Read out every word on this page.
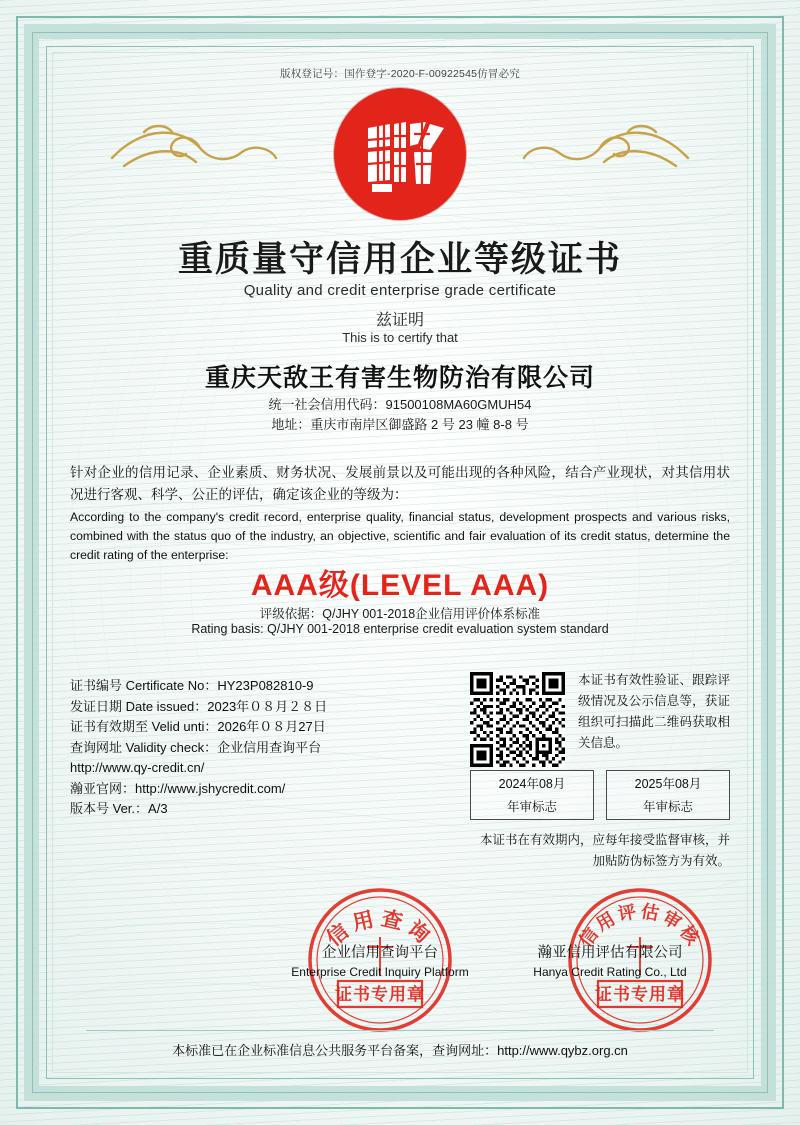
版权登记号：国作登字-2020-F-00922545仿冒必究
重质量守信用企业等级证书
Quality and credit enterprise grade certificate
兹证明
This is to certify that
重庆天敌王有害生物防治有限公司
统一社会信用代码：91500108MA60GMUH54
地址：重庆市南岸区御盛路 2 号 23 幢 8-8 号
针对企业的信用记录、企业素质、财务状况、发展前景以及可能出现的各种风险，结合产业现状，对其信用状况进行客观、科学、公正的评估，确定该企业的等级为：
According to the company's credit record, enterprise quality, financial status, development prospects and various risks, combined with the status quo of the industry, an objective, scientific and fair evaluation of its credit status, determine the credit rating of the enterprise:
AAA级(LEVEL AAA)
评级依据：Q/JHY 001-2018企业信用评价体系标准
Rating basis: Q/JHY 001-2018 enterprise credit evaluation system standard
证书编号 Certificate No：HY23P082810-9
发证日期 Date issued：2023年０８月２８日
证书有效期至 Velid unti：2026年０８月27日
查询网址 Validity check：企业信用查询平台
http://www.qy-credit.cn/
瀚亚官网：http://www.jshycredit.com/
版本号 Ver.：A/3
本证书有效性验证、跟踪评级情况及公示信息等，获证组织可扫描此二维码获取相关信息。
2024年08月
年审标志
2025年08月
年审标志
本证书在有效期内，应每年接受监督审核，并加贴防伪标签方为有效。
信用查询
证书专用章
信用评估审核
证书专用章
企业信用查询平台
Enterprise Credit Inquiry Platform
瀚亚信用评估有限公司
Hanya Credit Rating Co., Ltd
本标准已在企业标准信息公共服务平台备案，查询网址：http://www.qybz.org.cn
